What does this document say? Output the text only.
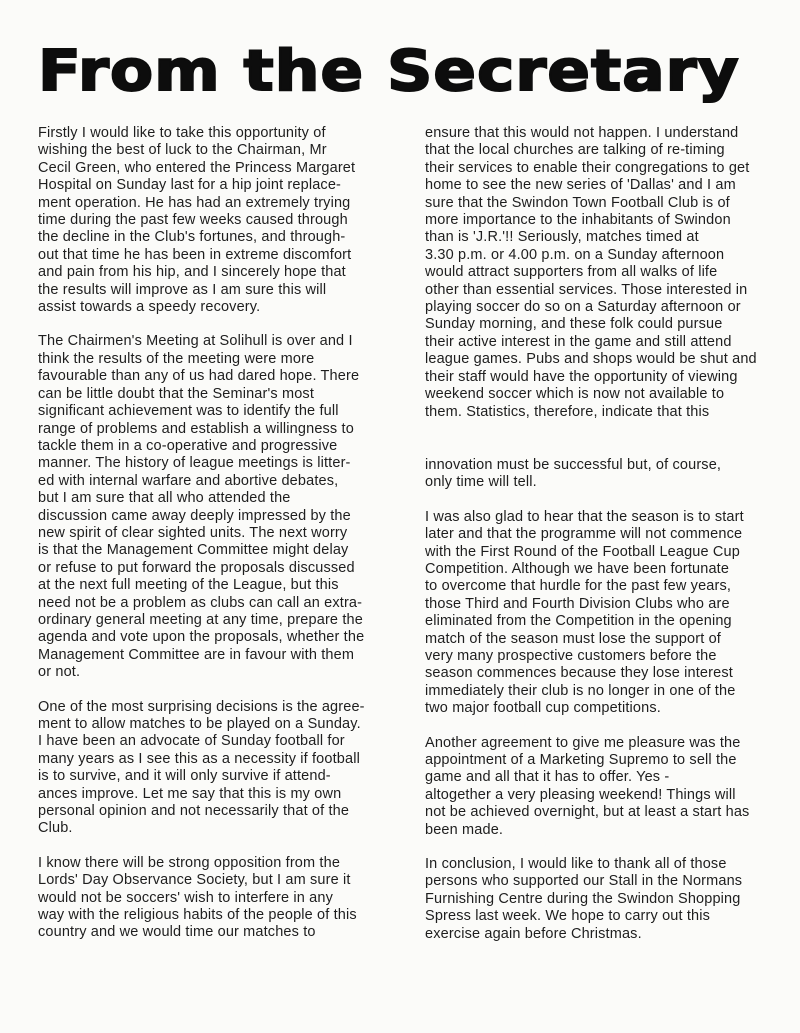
From the Secretary

Firstly I would like to take this opportunity of
wishing the best of luck to the Chairman, Mr
Cecil Green, who entered the Princess Margaret
Hospital on Sunday last for a hip joint replace-
ment operation. He has had an extremely trying
time during the past few weeks caused through
the decline in the Club's fortunes, and through-
out that time he has been in extreme discomfort
and pain from his hip, and I sincerely hope that
the results will improve as I am sure this will
assist towards a speedy recovery.

The Chairmen's Meeting at Solihull is over and I
think the results of the meeting were more
favourable than any of us had dared hope. There
can be little doubt that the Seminar's most
significant achievement was to identify the full
range of problems and establish a willingness to
tackle them in a co-operative and progressive
manner. The history of league meetings is litter-
ed with internal warfare and abortive debates,
but I am sure that all who attended the
discussion came away deeply impressed by the
new spirit of clear sighted units. The next worry
is that the Management Committee might delay
or refuse to put forward the proposals discussed
at the next full meeting of the League, but this
need not be a problem as clubs can call an extra-
ordinary general meeting at any time, prepare the
agenda and vote upon the proposals, whether the
Management Committee are in favour with them
or not.

One of the most surprising decisions is the agree-
ment to allow matches to be played on a Sunday.
I have been an advocate of Sunday football for
many years as I see this as a necessity if football
is to survive, and it will only survive if attend-
ances improve. Let me say that this is my own
personal opinion and not necessarily that of the
Club.

I know there will be strong opposition from the
Lords' Day Observance Society, but I am sure it
would not be soccers' wish to interfere in any
way with the religious habits of the people of this
country and we would time our matches to

ensure that this would not happen. I understand
that the local churches are talking of re-timing
their services to enable their congregations to get
home to see the new series of 'Dallas' and I am
sure that the Swindon Town Football Club is of
more importance to the inhabitants of Swindon
than is 'J.R.'!! Seriously, matches timed at
3.30 p.m. or 4.00 p.m. on a Sunday afternoon
would attract supporters from all walks of life
other than essential services. Those interested in
playing soccer do so on a Saturday afternoon or
Sunday morning, and these folk could pursue
their active interest in the game and still attend
league games. Pubs and shops would be shut and
their staff would have the opportunity of viewing
weekend soccer which is now not available to
them. Statistics, therefore, indicate that this

innovation must be successful but, of course,
only time will tell.

I was also glad to hear that the season is to start
later and that the programme will not commence
with the First Round of the Football League Cup
Competition. Although we have been fortunate
to overcome that hurdle for the past few years,
those Third and Fourth Division Clubs who are
eliminated from the Competition in the opening
match of the season must lose the support of
very many prospective customers before the
season commences because they lose interest
immediately their club is no longer in one of the
two major football cup competitions.

Another agreement to give me pleasure was the
appointment of a Marketing Supremo to sell the
game and all that it has to offer. Yes -
altogether a very pleasing weekend! Things will
not be achieved overnight, but at least a start has
been made.

In conclusion, I would like to thank all of those
persons who supported our Stall in the Normans
Furnishing Centre during the Swindon Shopping
Spress last week. We hope to carry out this
exercise again before Christmas.
